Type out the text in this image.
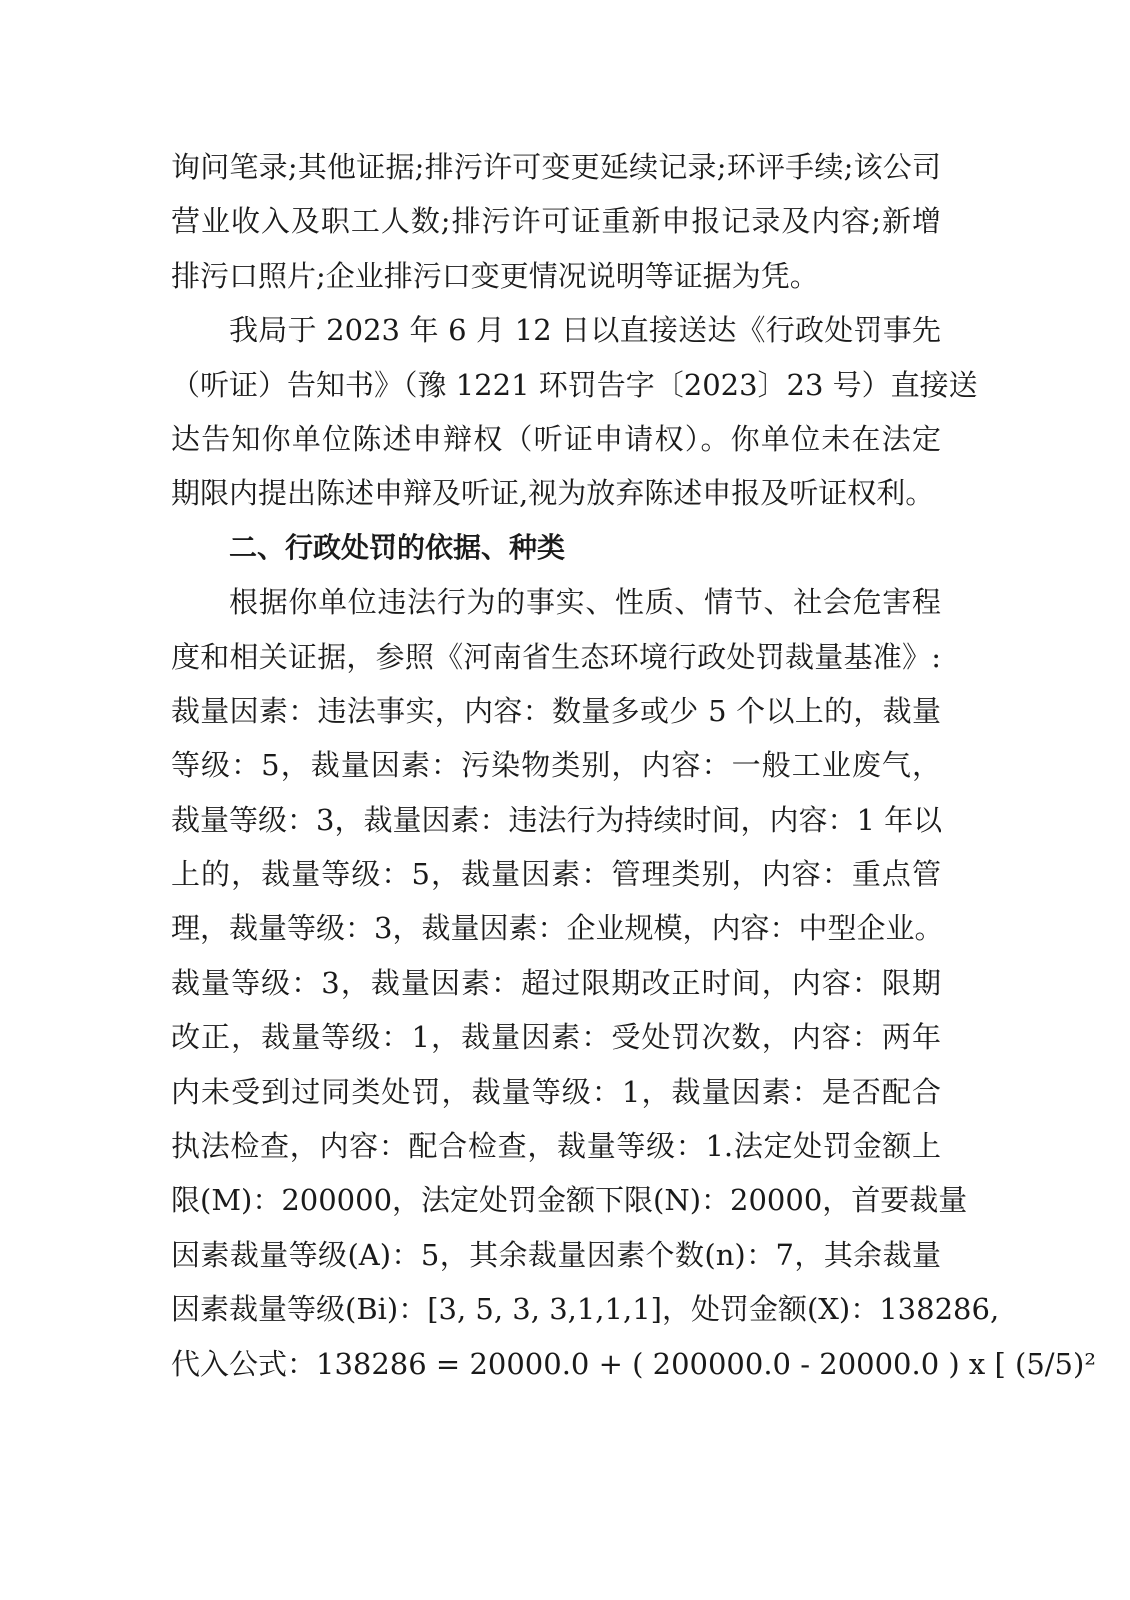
询问笔录;其他证据;排污许可变更延续记录;环评手续;该公司
营业收入及职工人数;排污许可证重新申报记录及内容;新增
排污口照片;企业排污口变更情况说明等证据为凭。
我局于 2023 年 6 月 12 日以直接送达《行政处罚事先
（听证）告知书》（豫 1221 环罚告字〔2023〕23 号）直接送
达告知你单位陈述申辩权（听证申请权）。你单位未在法定
期限内提出陈述申辩及听证,视为放弃陈述申报及听证权利。
二、行政处罚的依据、种类
根据你单位违法行为的事实、性质、情节、社会危害程
度和相关证据，参照《河南省生态环境行政处罚裁量基准》:
裁量因素：违法事实，内容：数量多或少 5 个以上的，裁量
等级：5，裁量因素：污染物类别，内容：一般工业废气，
裁量等级：3，裁量因素：违法行为持续时间，内容：1 年以
上的，裁量等级：5，裁量因素：管理类别，内容：重点管
理，裁量等级：3，裁量因素：企业规模，内容：中型企业。
裁量等级：3，裁量因素：超过限期改正时间，内容：限期
改正，裁量等级：1，裁量因素：受处罚次数，内容：两年
内未受到过同类处罚，裁量等级：1，裁量因素：是否配合
执法检查，内容：配合检查，裁量等级：1.法定处罚金额上
限(M)：200000，法定处罚金额下限(N)：20000，首要裁量
因素裁量等级(A)：5，其余裁量因素个数(n)：7，其余裁量
因素裁量等级(Bi)：[3, 5, 3, 3,1,1,1]，处罚金额(X)：138286,
代入公式：138286 = 20000.0 + ( 200000.0 - 20000.0 ) x [ (5/5)²
